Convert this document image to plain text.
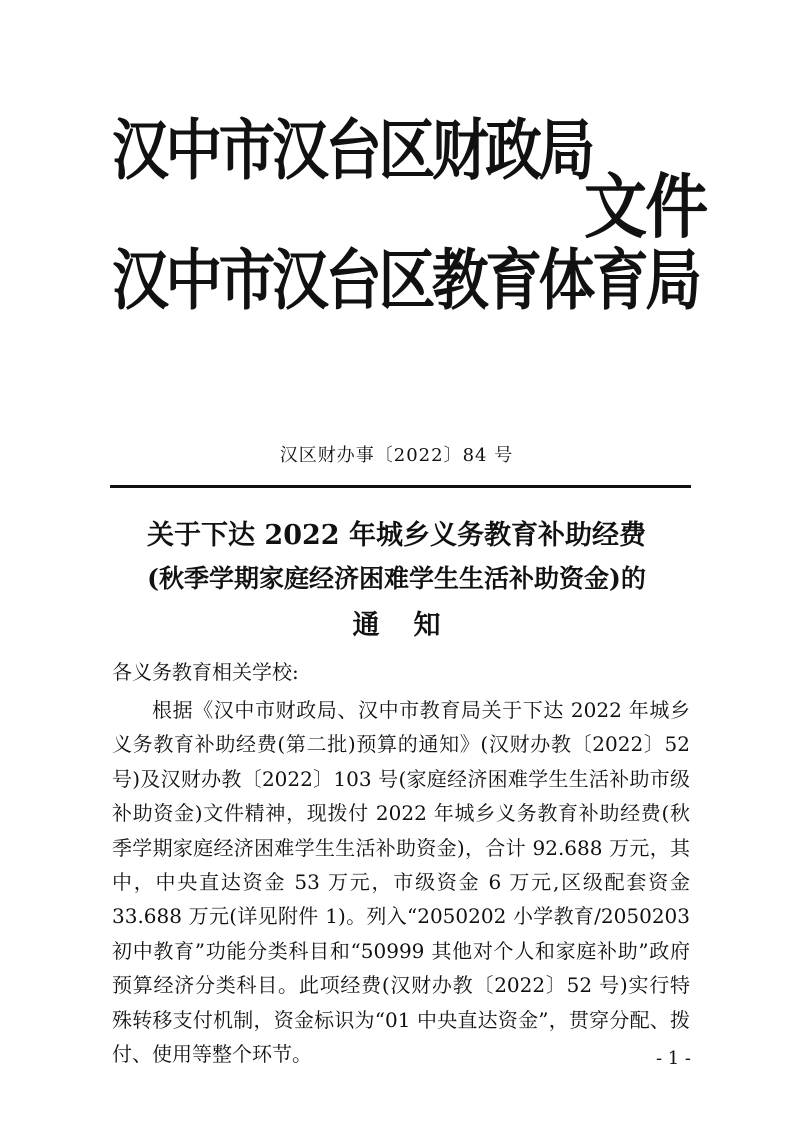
汉中市汉台区财政局
汉中市汉台区教育体育局
文件
汉区财办事〔2022〕84 号
关于下达 2022 年城乡义务教育补助经费
(秋季学期家庭经济困难学生生活补助资金)的
通知
各义务教育相关学校:

根据《汉中市财政局、汉中市教育局关于下达 2022 年城乡义务教育补助经费(第二批)预算的通知》(汉财办教〔2022〕52 号)及汉财办教〔2022〕103 号(家庭经济困难学生生活补助市级补助资金)文件精神，现拨付 2022 年城乡义务教育补助经费(秋季学期家庭经济困难学生生活补助资金)，合计 92.688 万元，其中，中央直达资金 53 万元，市级资金 6 万元,区级配套资金 33.688 万元(详见附件 1)。列入“2050202 小学教育/2050203 初中教育”功能分类科目和“50999 其他对个人和家庭补助”政府预算经济分类科目。此项经费(汉财办教〔2022〕52 号)实行特殊转移支付机制，资金标识为“01 中央直达资金”，贯穿分配、拨付、使用等整个环节。	- 1 -
